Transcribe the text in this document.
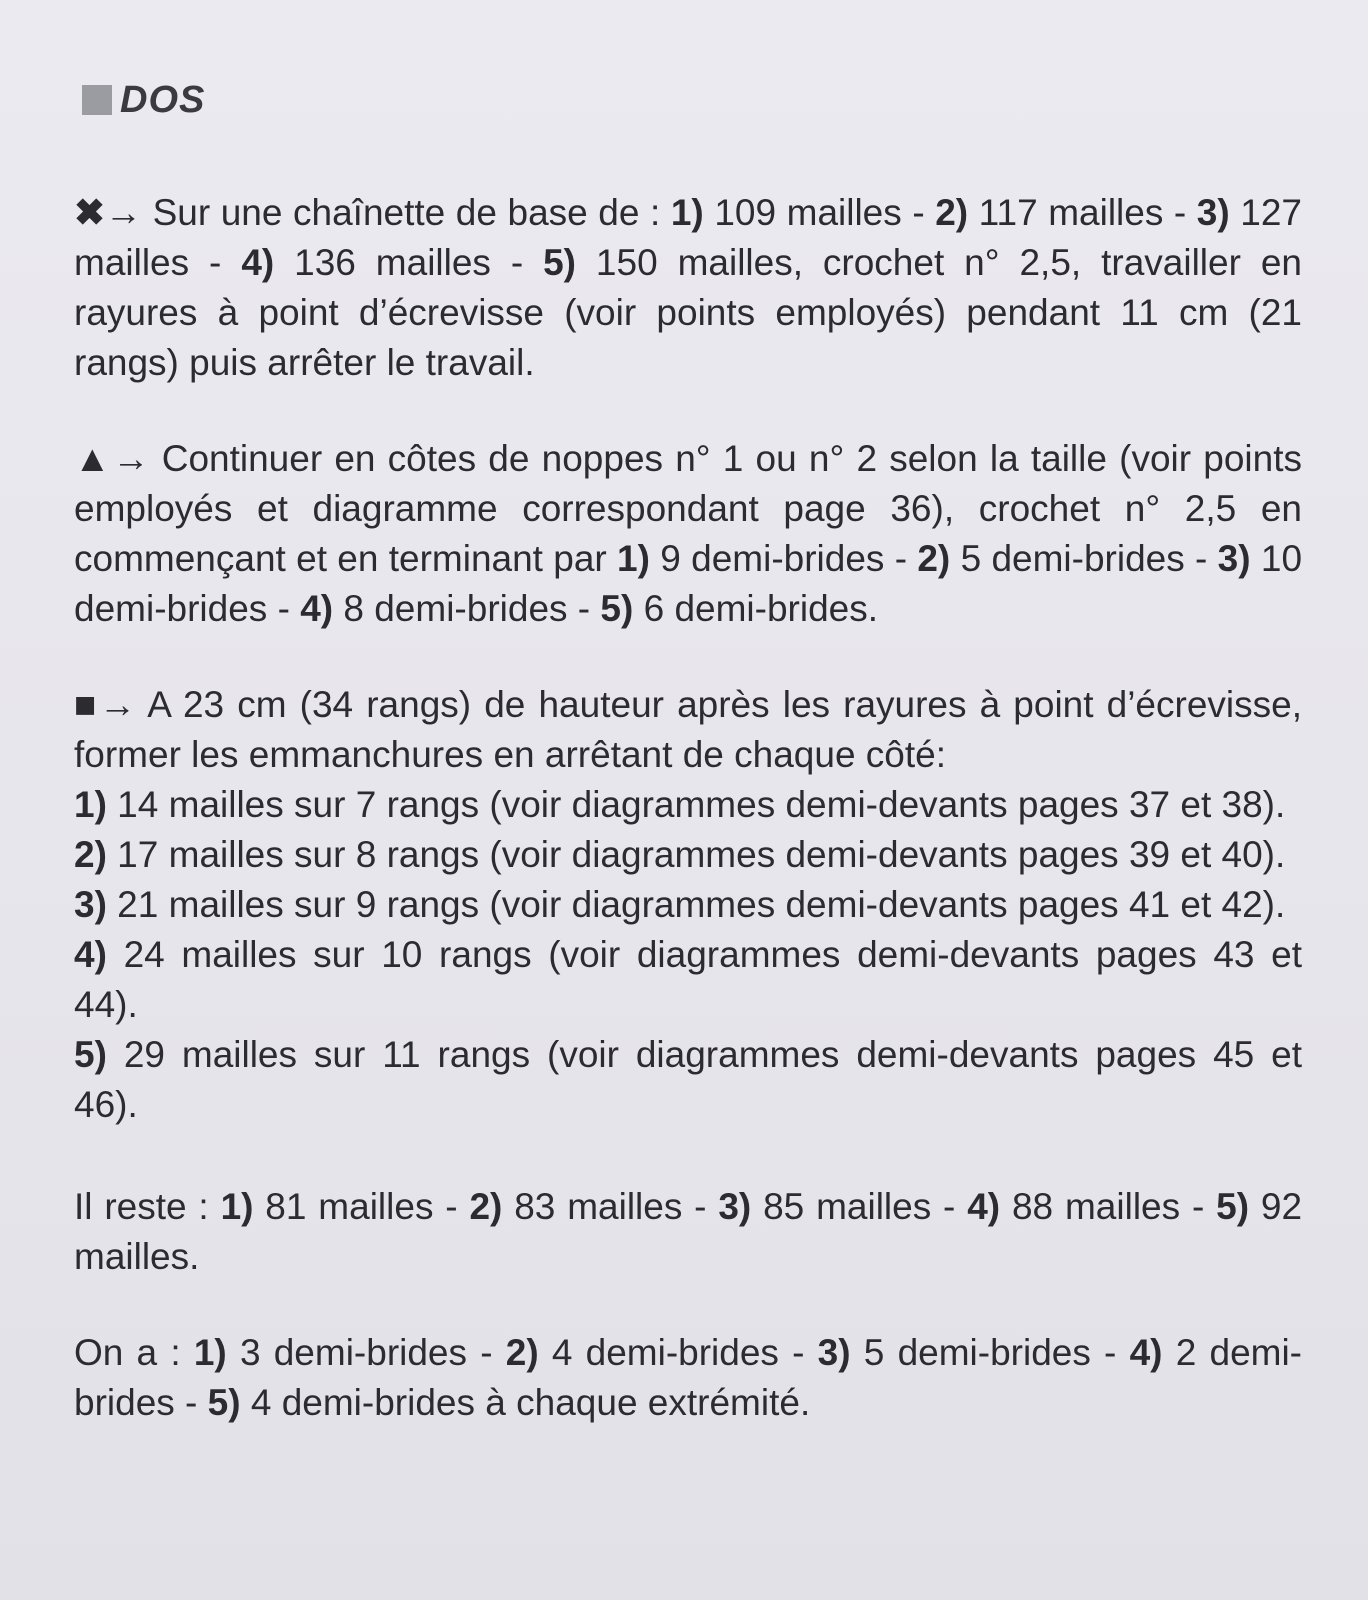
DOS

✖→ Sur une chaînette de base de : 1) 109 mailles - 2) 117 mailles - 3) 127 mailles - 4) 136 mailles - 5) 150 mailles, crochet n° 2,5, travailler en rayures à point d’écrevisse (voir points employés) pendant 11 cm (21 rangs) puis arrêter le travail.

▲→ Continuer en côtes de noppes n° 1 ou n° 2 selon la taille (voir points employés et diagramme correspondant page 36), crochet n° 2,5 en commençant et en terminant par 1) 9 demi-brides - 2) 5 demi-brides - 3) 10 demi-brides - 4) 8 demi-brides - 5) 6 demi-brides.

■→ A 23 cm (34 rangs) de hauteur après les rayures à point d’écrevisse, former les emmanchures en arrêtant de chaque côté:
1) 14 mailles sur 7 rangs (voir diagrammes demi-devants pages 37 et 38).
2) 17 mailles sur 8 rangs (voir diagrammes demi-devants pages 39 et 40).
3) 21 mailles sur 9 rangs (voir diagrammes demi-devants pages 41 et 42).
4) 24 mailles sur 10 rangs (voir diagrammes demi-devants pages 43 et 44).
5) 29 mailles sur 11 rangs (voir diagrammes demi-devants pages 45 et 46).

Il reste : 1) 81 mailles - 2) 83 mailles - 3) 85 mailles - 4) 88 mailles - 5) 92 mailles.

On a : 1) 3 demi-brides - 2) 4 demi-brides - 3) 5 demi-brides - 4) 2 demi-brides - 5) 4 demi-brides à chaque extrémité.
